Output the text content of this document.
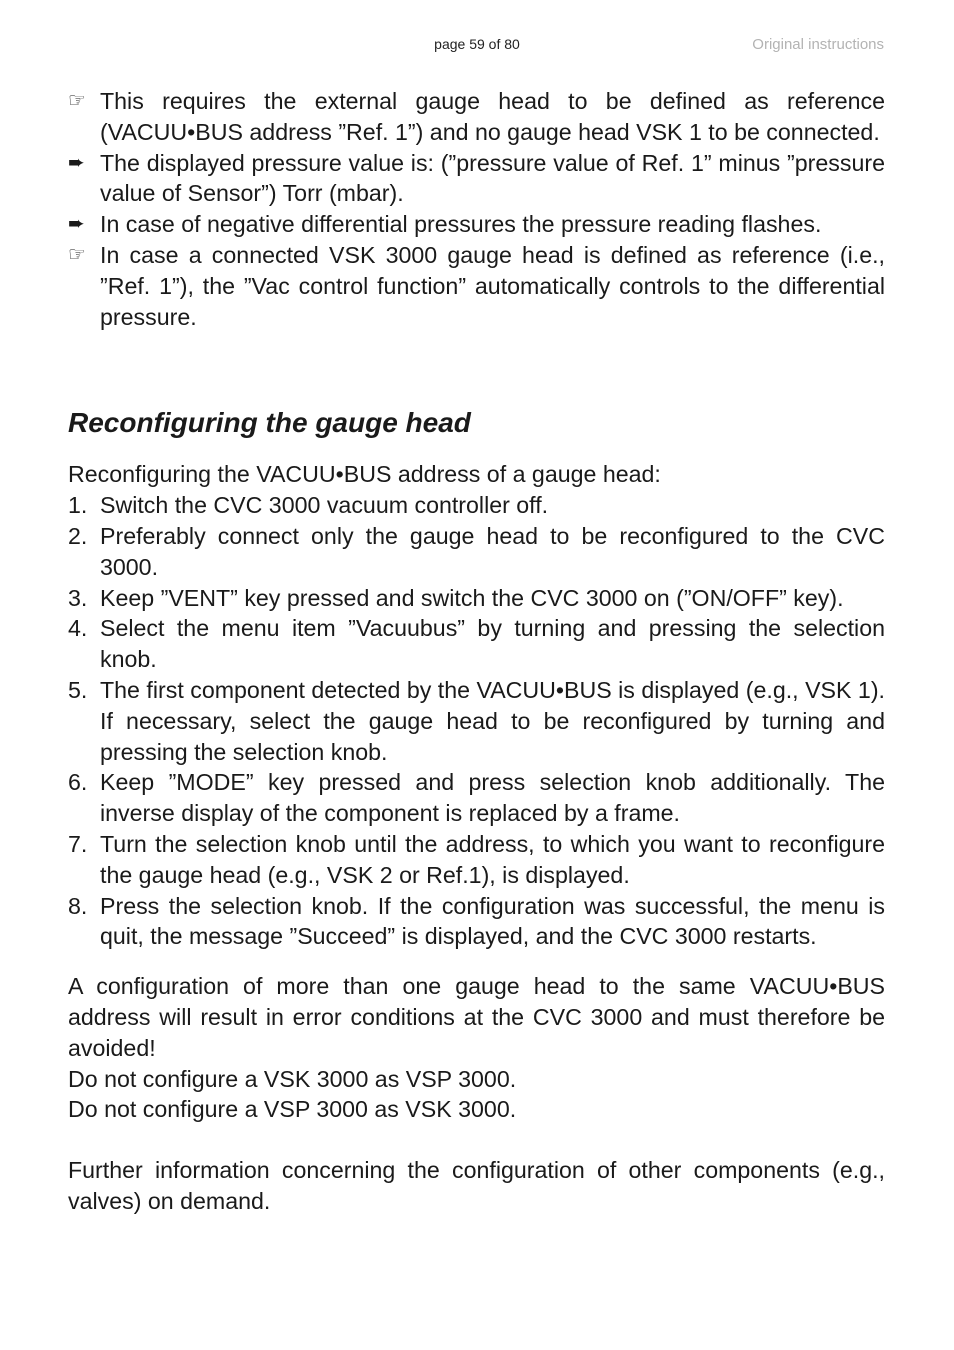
page 59 of 80	Original instructions
☞ This requires the external gauge head to be defined as reference (VACUU•BUS address ”Ref. 1”) and no gauge head VSK 1 to be connected.
➨ The displayed pressure value is: (”pressure value of Ref. 1” minus ”pressure value of Sensor”) Torr (mbar).
➨ In case of negative differential pressures the pressure reading flashes.
☞ In case a connected VSK 3000 gauge head is defined as reference (i.e., ”Ref. 1”), the ”Vac control function” automatically controls to the differential pressure.
Reconfiguring the gauge head
Reconfiguring the VACUU•BUS address of a gauge head:
1. Switch the CVC 3000 vacuum controller off.
2. Preferably connect only the gauge head to be reconfigured to the CVC 3000.
3. Keep ”VENT” key pressed and switch the CVC 3000 on (”ON/OFF” key).
4. Select the menu item ”Vacuubus” by turning and pressing the selection knob.
5. The first component detected by the VACUU•BUS is displayed (e.g., VSK 1). If necessary, select the gauge head to be reconfigured by turning and pressing the selection knob.
6. Keep ”MODE” key pressed and press selection knob additionally. The inverse display of the component is replaced by a frame.
7. Turn the selection knob until the address, to which you want to reconfigure the gauge head (e.g., VSK 2 or Ref.1), is displayed.
8. Press the selection knob. If the configuration was successful, the menu is quit, the message ”Succeed” is displayed, and the CVC 3000 restarts.
A configuration of more than one gauge head to the same VACUU•BUS address will result in error conditions at the CVC 3000 and must therefore be avoided!
Do not configure a VSK 3000 as VSP 3000.
Do not configure a VSP 3000 as VSK 3000.
Further information concerning the configuration of other components (e.g., valves) on demand.
